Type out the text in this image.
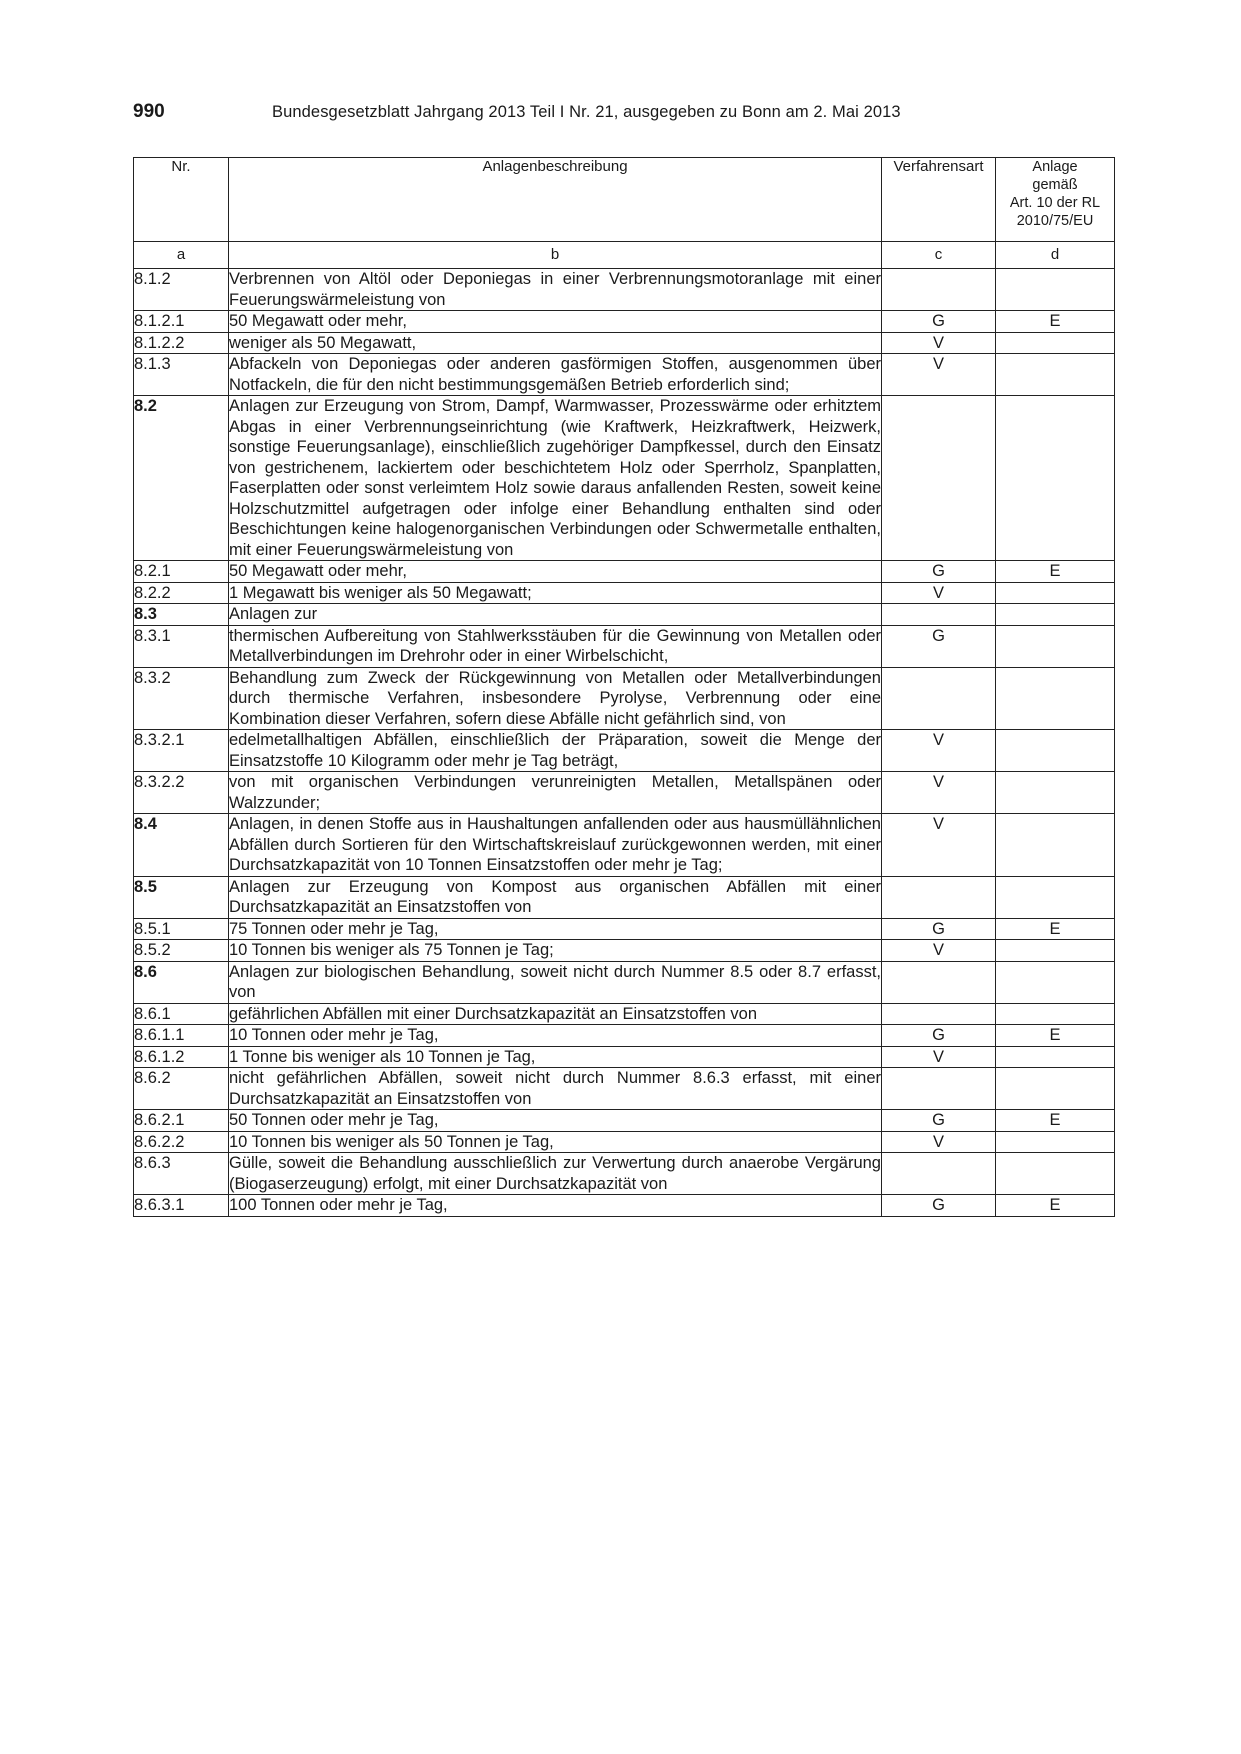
990	Bundesgesetzblatt Jahrgang 2013 Teil I Nr. 21, ausgegeben zu Bonn am 2. Mai 2013
Nr.	Anlagenbeschreibung	Verfahrensart	Anlage
gemäß
Art. 10 der RL
2010/75/EU
a	b	c	d
8.1.2	Verbrennen von Altöl oder Deponiegas in einer Verbrennungsmotoranlage mit einer Feuerungswärmeleistung von		

8.1.2.1	50 Megawatt oder mehr,	G	E
8.1.2.2	weniger als 50 Megawatt,	V	
8.1.3	Abfackeln von Deponiegas oder anderen gasförmigen Stoffen, ausgenommen über Notfackeln, die für den nicht bestimmungsgemäßen Betrieb erforderlich sind;	V	
8.2	Anlagen zur Erzeugung von Strom, Dampf, Warmwasser, Prozesswärme oder erhitztem Abgas in einer Verbrennungseinrichtung (wie Kraftwerk, Heizkraftwerk, Heizwerk, sonstige Feuerungsanlage), einschließlich zugehöriger Dampfkessel, durch den Einsatz von gestrichenem, lackiertem oder beschichtetem Holz oder Sperrholz, Spanplatten, Faserplatten oder sonst verleimtem Holz sowie daraus anfallenden Resten, soweit keine Holzschutzmittel aufgetragen oder infolge einer Behandlung enthalten sind oder Beschichtungen keine halogenorganischen Verbindungen oder Schwermetalle enthalten, mit einer Feuerungswärmeleistung von		

8.2.1	50 Megawatt oder mehr,	G	E
8.2.2	1 Megawatt bis weniger als 50 Megawatt;	V	
8.3	Anlagen zur		

8.3.1	thermischen Aufbereitung von Stahlwerksstäuben für die Gewinnung von Metallen oder Metallverbindungen im Drehrohr oder in einer Wirbelschicht,	G	
8.3.2	Behandlung zum Zweck der Rückgewinnung von Metallen oder Metallverbindungen durch thermische Verfahren, insbesondere Pyrolyse, Verbrennung oder eine Kombination dieser Verfahren, sofern diese Abfälle nicht gefährlich sind, von		

8.3.2.1	edelmetallhaltigen Abfällen, einschließlich der Präparation, soweit die Menge der Einsatzstoffe 10 Kilogramm oder mehr je Tag beträgt,	V	
8.3.2.2	von mit organischen Verbindungen verunreinigten Metallen, Metallspänen oder Walzzunder;	V	
8.4	Anlagen, in denen Stoffe aus in Haushaltungen anfallenden oder aus hausmüllähnlichen Abfällen durch Sortieren für den Wirtschaftskreislauf zurückgewonnen werden, mit einer Durchsatzkapazität von 10 Tonnen Einsatzstoffen oder mehr je Tag;	V	
8.5	Anlagen zur Erzeugung von Kompost aus organischen Abfällen mit einer Durchsatzkapazität an Einsatzstoffen von		

8.5.1	75 Tonnen oder mehr je Tag,	G	E
8.5.2	10 Tonnen bis weniger als 75 Tonnen je Tag;	V	
8.6	Anlagen zur biologischen Behandlung, soweit nicht durch Nummer 8.5 oder 8.7 erfasst, von		

8.6.1	gefährlichen Abfällen mit einer Durchsatzkapazität an Einsatzstoffen von		

8.6.1.1	10 Tonnen oder mehr je Tag,	G	E
8.6.1.2	1 Tonne bis weniger als 10 Tonnen je Tag,	V	
8.6.2	nicht gefährlichen Abfällen, soweit nicht durch Nummer 8.6.3 erfasst, mit einer Durchsatzkapazität an Einsatzstoffen von		

8.6.2.1	50 Tonnen oder mehr je Tag,	G	E
8.6.2.2	10 Tonnen bis weniger als 50 Tonnen je Tag,	V	
8.6.3	Gülle, soweit die Behandlung ausschließlich zur Verwertung durch anaerobe Vergärung (Biogaserzeugung) erfolgt, mit einer Durchsatzkapazität von		

8.6.3.1	100 Tonnen oder mehr je Tag,	G	E
